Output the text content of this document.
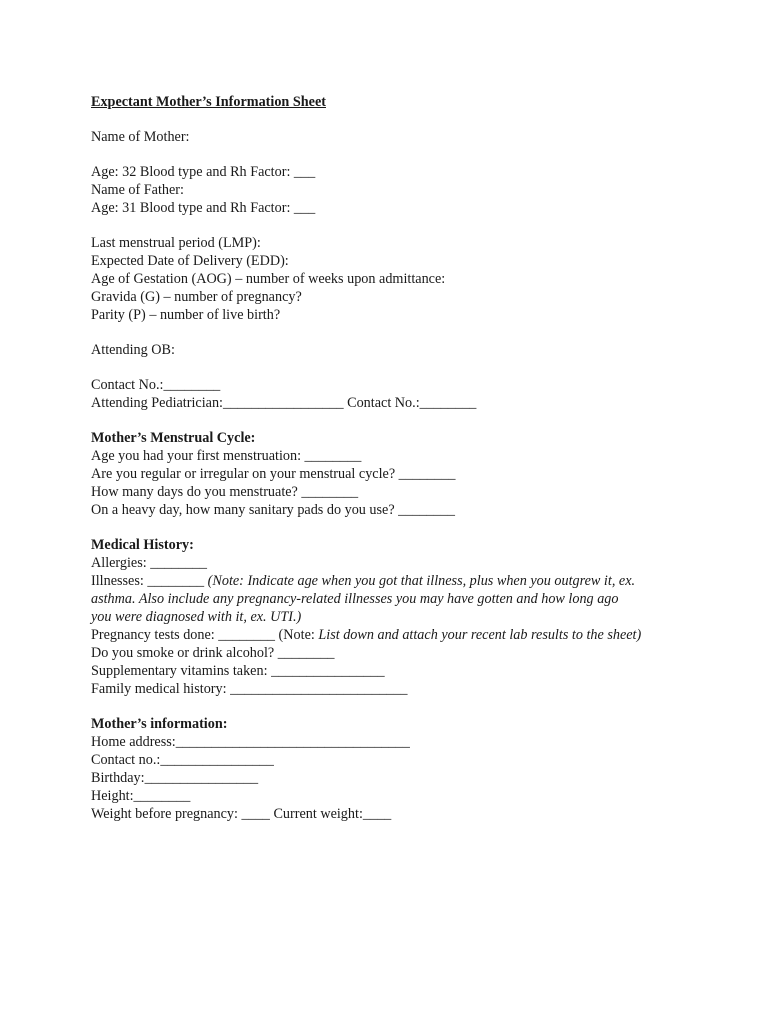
Expectant Mother’s Information Sheet
Name of Mother:
Age: 32 Blood type and Rh Factor: ___
Name of Father:
Age: 31 Blood type and Rh Factor: ___
Last menstrual period (LMP):
Expected Date of Delivery (EDD):
Age of Gestation (AOG) – number of weeks upon admittance:
Gravida (G) – number of pregnancy?
Parity (P) – number of live birth?
Attending OB:
Contact No.:________
Attending Pediatrician:_________________ Contact No.:________
Mother’s Menstrual Cycle:
Age you had your first menstruation: ________
Are you regular or irregular on your menstrual cycle? ________
How many days do you menstruate? ________
On a heavy day, how many sanitary pads do you use? ________
Medical History:
Allergies: ________
Illnesses: ________ (Note: Indicate age when you got that illness, plus when you outgrew it, ex.
asthma. Also include any pregnancy-related illnesses you may have gotten and how long ago
you were diagnosed with it, ex. UTI.)
Pregnancy tests done: ________ (Note: List down and attach your recent lab results to the sheet)
Do you smoke or drink alcohol? ________
Supplementary vitamins taken: ________________
Family medical history: _________________________
Mother’s information:
Home address:_________________________________
Contact no.:________________
Birthday:________________
Height:________
Weight before pregnancy: ____ Current weight:____
